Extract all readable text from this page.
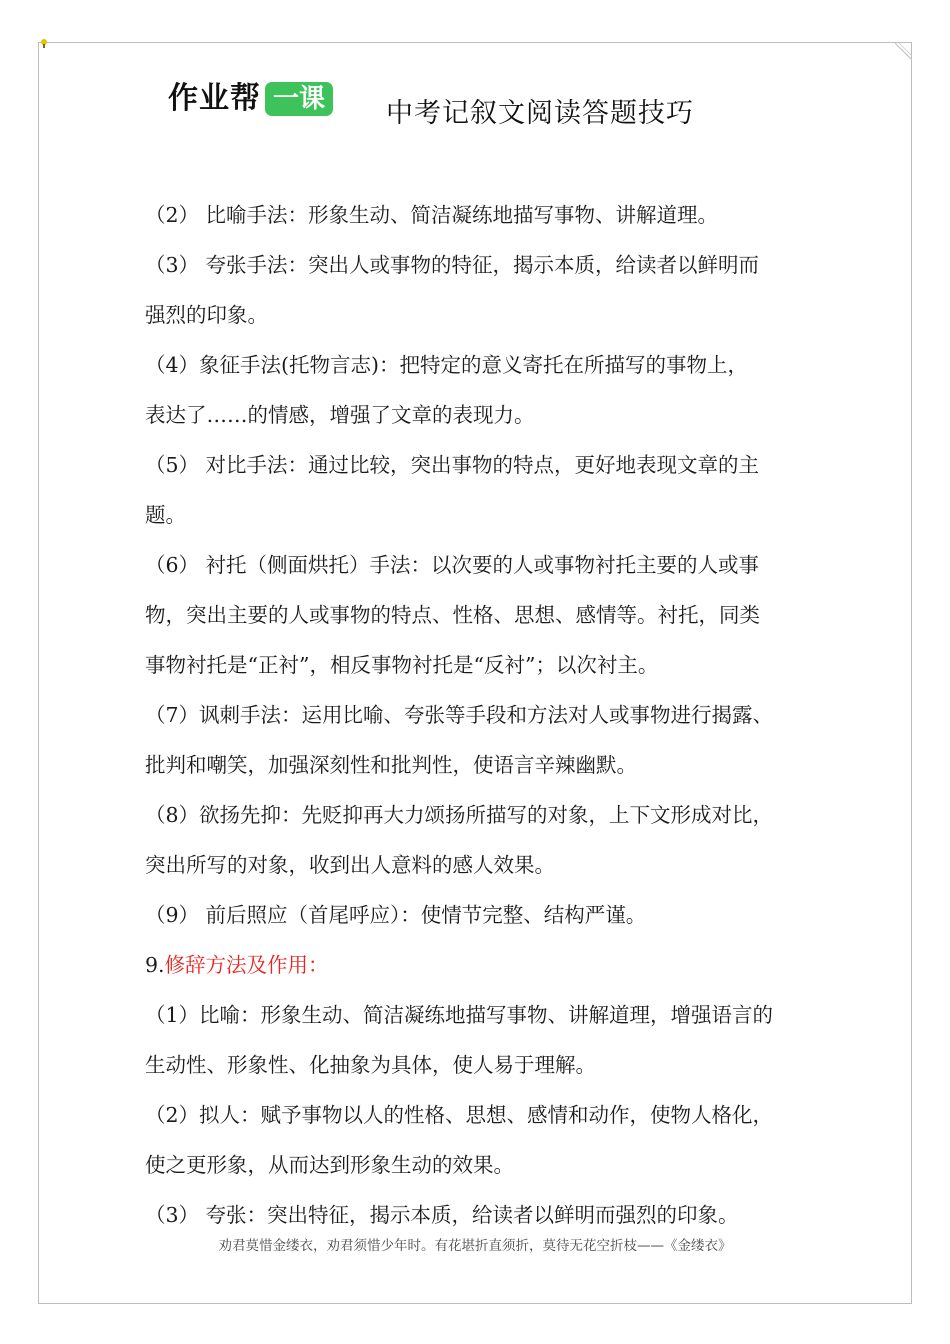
作业帮 一课 中考记叙文阅读答题技巧
（2） 比喻手法：形象生动、简洁凝练地描写事物、讲解道理。
（3） 夸张手法：突出人或事物的特征，揭示本质，给读者以鲜明而
强烈的印象。
（4）象征手法(托物言志)：把特定的意义寄托在所描写的事物上，
表达了……的情感，增强了文章的表现力。
（5） 对比手法：通过比较，突出事物的特点，更好地表现文章的主
题。
（6） 衬托（侧面烘托）手法：以次要的人或事物衬托主要的人或事
物，突出主要的人或事物的特点、性格、思想、感情等。衬托，同类
事物衬托是“正衬”，相反事物衬托是“反衬”；以次衬主。
（7）讽刺手法：运用比喻、夸张等手段和方法对人或事物进行揭露、
批判和嘲笑，加强深刻性和批判性，使语言辛辣幽默。
（8）欲扬先抑：先贬抑再大力颂扬所描写的对象，上下文形成对比，
突出所写的对象，收到出人意料的感人效果。
（9） 前后照应（首尾呼应）：使情节完整、结构严谨。
9.修辞方法及作用：
（1）比喻：形象生动、简洁凝练地描写事物、讲解道理，增强语言的
生动性、形象性、化抽象为具体，使人易于理解。
（2）拟人：赋予事物以人的性格、思想、感情和动作，使物人格化，
使之更形象，从而达到形象生动的效果。
（3） 夸张：突出特征，揭示本质，给读者以鲜明而强烈的印象。
劝君莫惜金缕衣，劝君须惜少年时。有花堪折直须折，莫待无花空折枝——《金缕衣》
